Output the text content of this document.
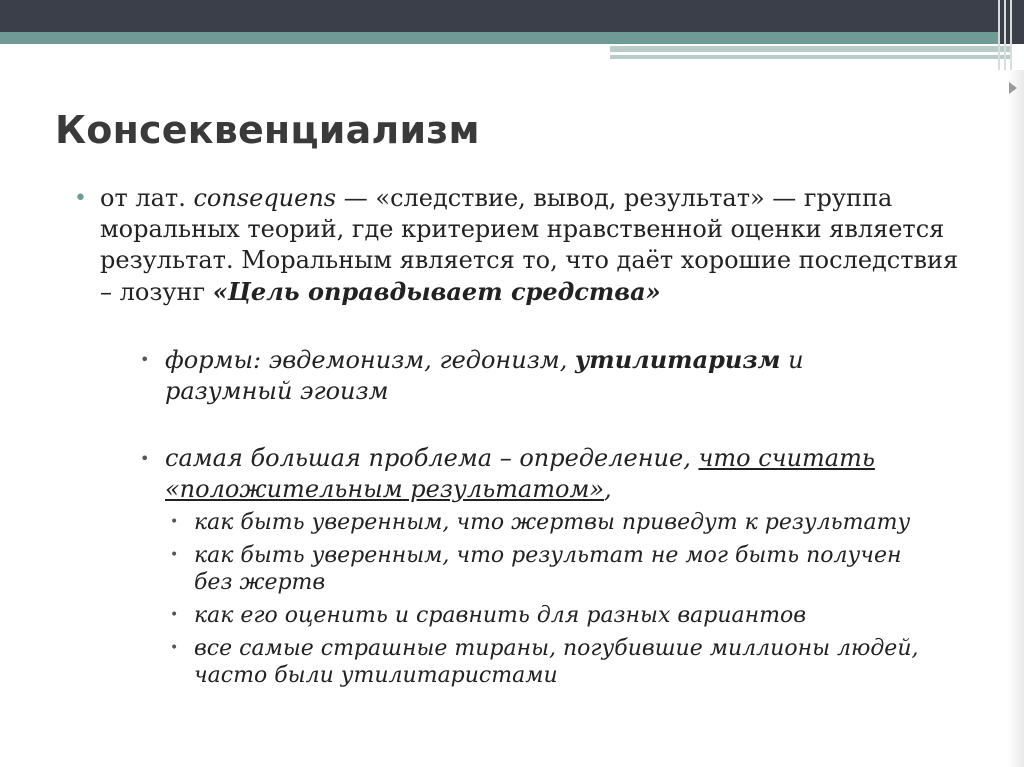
Консеквенциализм
• от лат. consequens — «следствие, вывод, результат» — группа моральных теорий, где критерием нравственной оценки является результат. Моральным является то, что даёт хорошие последствия – лозунг «Цель оправдывает средства»
• формы: эвдемонизм, гедонизм, утилитаризм и разумный эгоизм
• самая большая проблема – определение, что считать «положительным результатом»,
• как быть уверенным, что жертвы приведут к результату
• как быть уверенным, что результат не мог быть получен без жертв
• как его оценить и сравнить для разных вариантов
• все самые страшные тираны, погубившие миллионы людей, часто были утилитаристами
